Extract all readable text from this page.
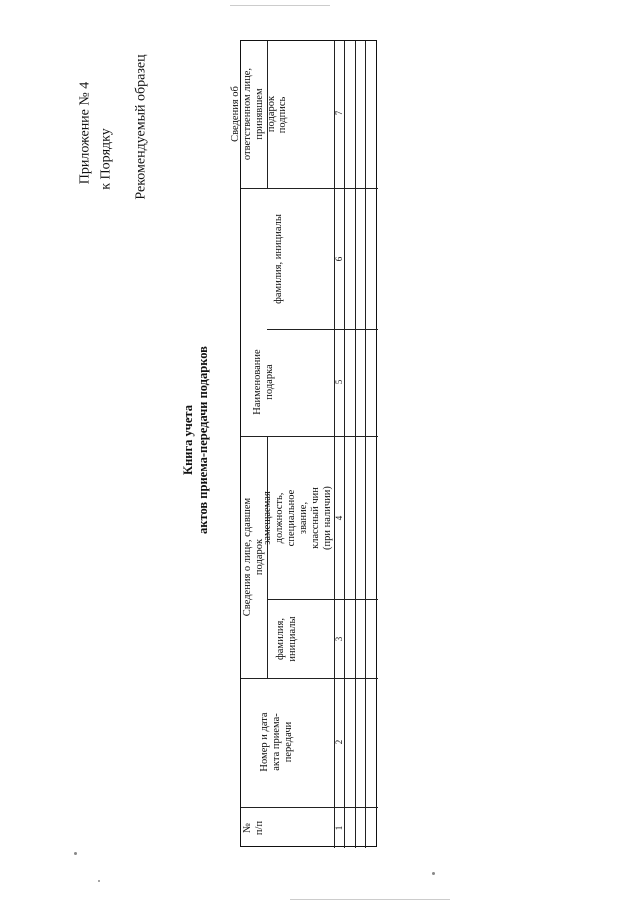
Приложение № 4 к Порядку Рекомендуемый образец
Книга учета актов приема-передачи подарков
Сведения об ответственном лице, принявшем
подарок подпись
фамилия, инициалы
Наименование
подарка
Сведения о лице, сдавшем подарок
замещаемая должность,
специальное звание,
классный чин
(при наличии)
фамилия,
инициалы
Номер и дата
акта приема-
передачи
№
п/п
7
6
5
4
3
2
1
